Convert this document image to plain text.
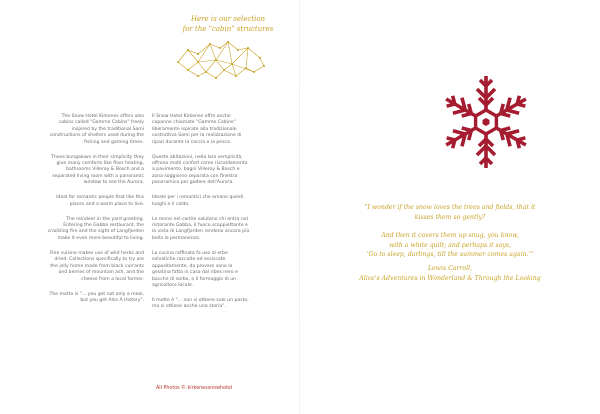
Here is our selection
for the "cabin" structures

The Snow Hotel Kirkenes offers also cabins called "Gamme Cabins" freely inspired by the traditional Sami constructions of shelters used during the fishing and gaming times.

These bungalows in their simplicity they give many comforts like floor heating, bathrooms Villeroy & Bosch and a separated living room with a panoramic window to see the Aurora.

Ideal for romantic people that like this places and a warm place to live.

The reindeer in the yard greeting. Entering the Gabba restaurant, the crackling fire and the sight of Langfjorden make it even more beautiful to living.

Fine cuisine makes use of wild herbs and dried. Collections specifically to try are the jelly home made from black currants and berries of mountain ash, and the cheese from a local farmer.

The motto is "... you get not only a meal, but you get Also A History".

Il Snow Hotel Kirkenes offre anche capanne chiamate "Gamme Cabine" liberamente ispirate alla tradizionale costruttiva Sami per la realizzazione di ripari durante la caccia e la pesca.

Queste abitazioni, nella loro semplicità, offrono molti confort come riscaldamento a pavimento, bagni Villeroy & Bosch e zona soggiorno separata con finestra panoramica per godere dell'Aurora.

Ideale per i romantici che amano questi luoghi e il caldo.

Le renne nel cortile salutano chi entra nel ristorante Gabba, il fuoco scoppiettante e la vista di Langfjorden rendono ancora più bella la permanenza.

La cucina raffinata fa uso di erbe selvatiche raccolte ed essiccate appositamente, da provare sono la gelatina fatta in casa dal ribes nero e bacche di sorbo, e il formaggio di un agricoltore locale.

Il motto è "... non si ottiene solo un pasto, ma si ottiene anche una storia".

All Photos © kirkenessnowhotel
"I wonder if the snow loves the trees and fields, that it
kisses them so gently?
And then it covers them up snug, you know,
with a white quilt; and perhaps it says,
'Go to sleep, darlings, till the summer comes again.'"
Lewis Carroll,
Alice's Adventures in Wonderland & Through the Looking
